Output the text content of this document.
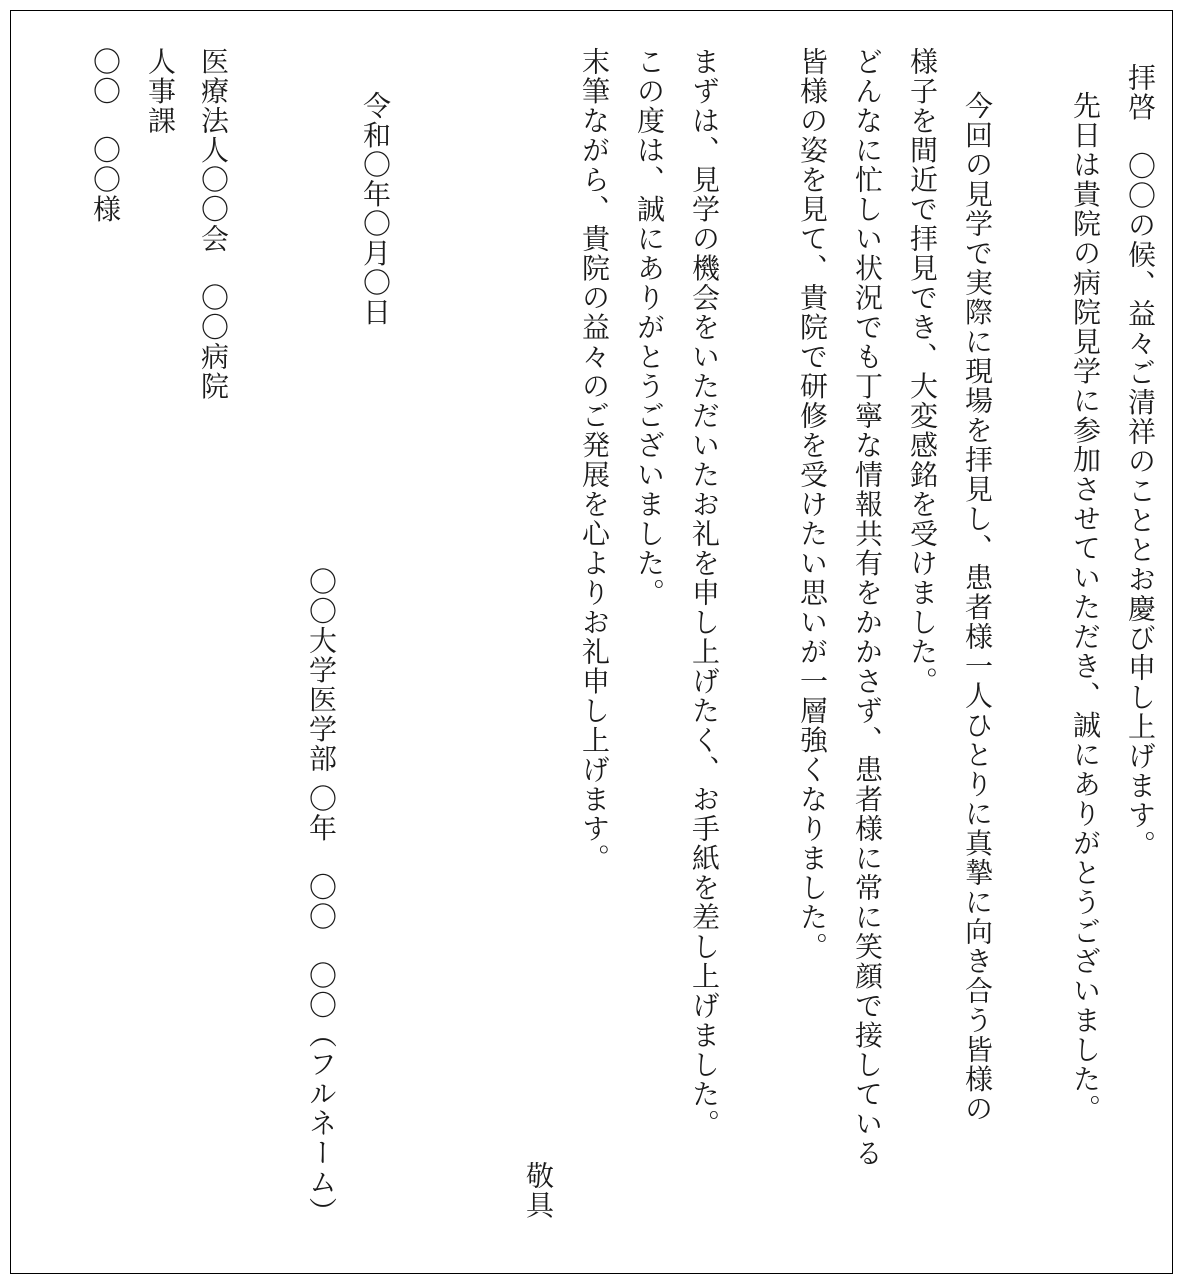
拝啓　〇〇の候、益々ご清祥のこととお慶び申し上げます。
先日は貴院の病院見学に参加させていただき、誠にありがとうございました。
今回の見学で実際に現場を拝見し、患者様一人ひとりに真摯に向き合う皆様の
様子を間近で拝見でき、大変感銘を受けました。
どんなに忙しい状況でも丁寧な情報共有をかかさず、患者様に常に笑顔で接している
皆様の姿を見て、貴院で研修を受けたい思いが一層強くなりました。
まずは、見学の機会をいただいたお礼を申し上げたく、お手紙を差し上げました。
この度は、誠にありがとうございました。
末筆ながら、貴院の益々のご発展を心よりお礼申し上げます。
敬具
令和〇年〇月〇日
〇〇大学医学部 〇年　〇〇　〇〇（フルネーム）
医療法人〇〇会　〇〇病院
人事課
〇〇　〇〇様
